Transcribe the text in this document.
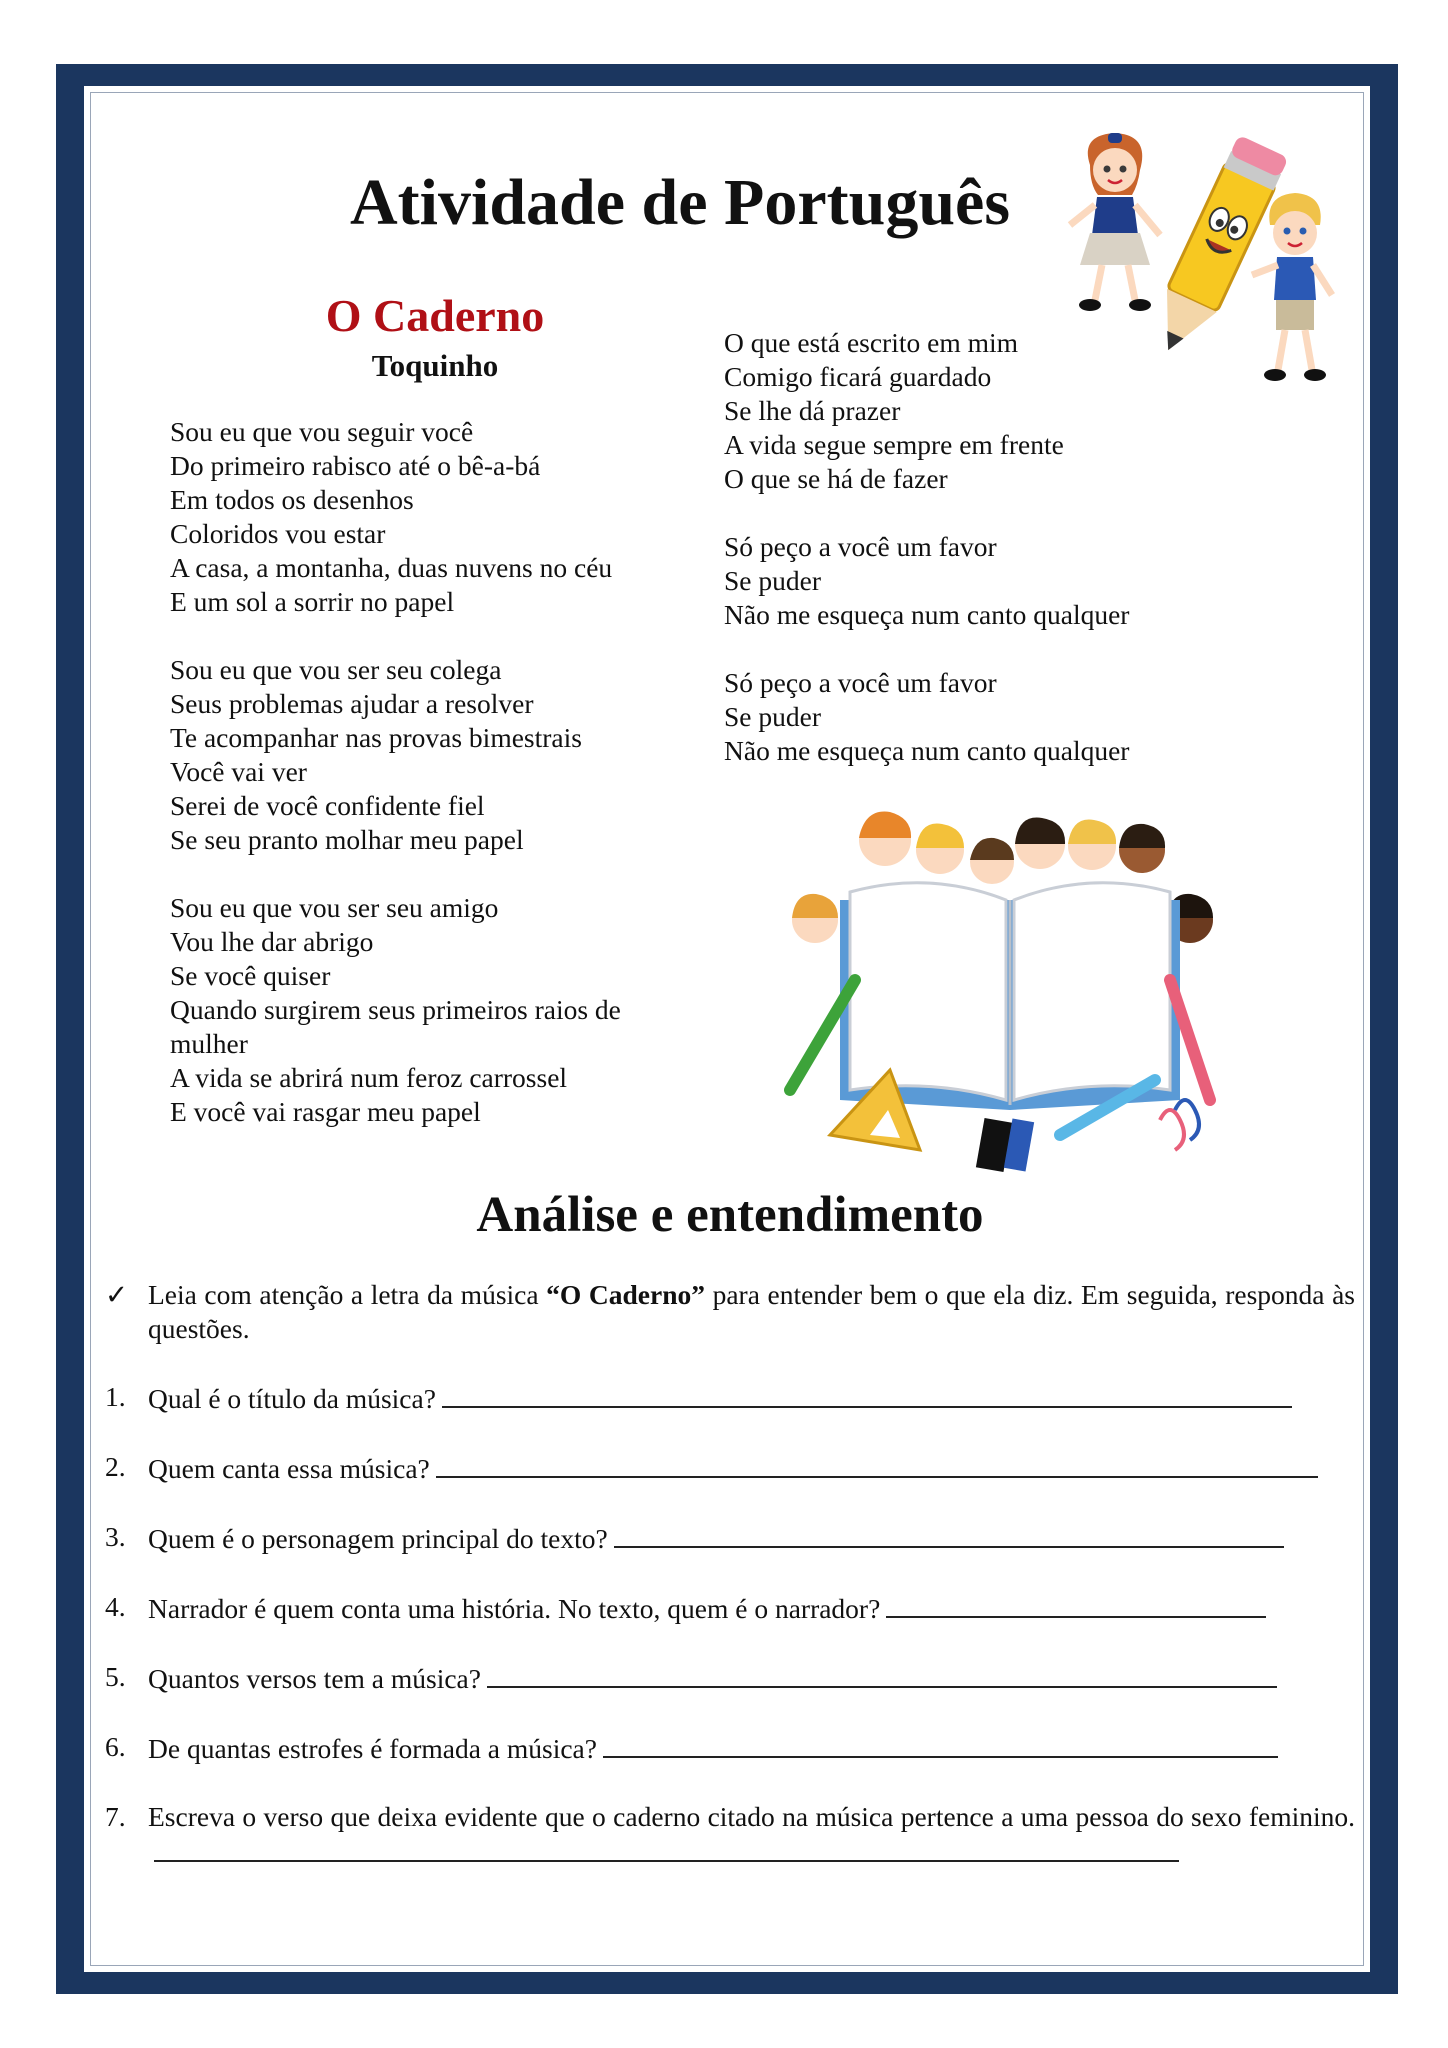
Atividade de Português
O Caderno
Toquinho
Sou eu que vou seguir você
Do primeiro rabisco até o bê-a-bá
Em todos os desenhos
Coloridos vou estar
A casa, a montanha, duas nuvens no céu
E um sol a sorrir no papel
Sou eu que vou ser seu colega
Seus problemas ajudar a resolver
Te acompanhar nas provas bimestrais
Você vai ver
Serei de você confidente fiel
Se seu pranto molhar meu papel
Sou eu que vou ser seu amigo
Vou lhe dar abrigo
Se você quiser
Quando surgirem seus primeiros raios de mulher
A vida se abrirá num feroz carrossel
E você vai rasgar meu papel
O que está escrito em mim
Comigo ficará guardado
Se lhe dá prazer
A vida segue sempre em frente
O que se há de fazer
Só peço a você um favor
Se puder
Não me esqueça num canto qualquer
Só peço a você um favor
Se puder
Não me esqueça num canto qualquer
Análise e entendimento
✓ Leia com atenção a letra da música “O Caderno” para entender bem o que ela diz. Em seguida, responda às questões.
1. Qual é o título da música?
2. Quem canta essa música?
3. Quem é o personagem principal do texto?
4. Narrador é quem conta uma história. No texto, quem é o narrador?
5. Quantos versos tem a música?
6. De quantas estrofes é formada a música?
7. Escreva o verso que deixa evidente que o caderno citado na música pertence a uma pessoa do sexo feminino.
